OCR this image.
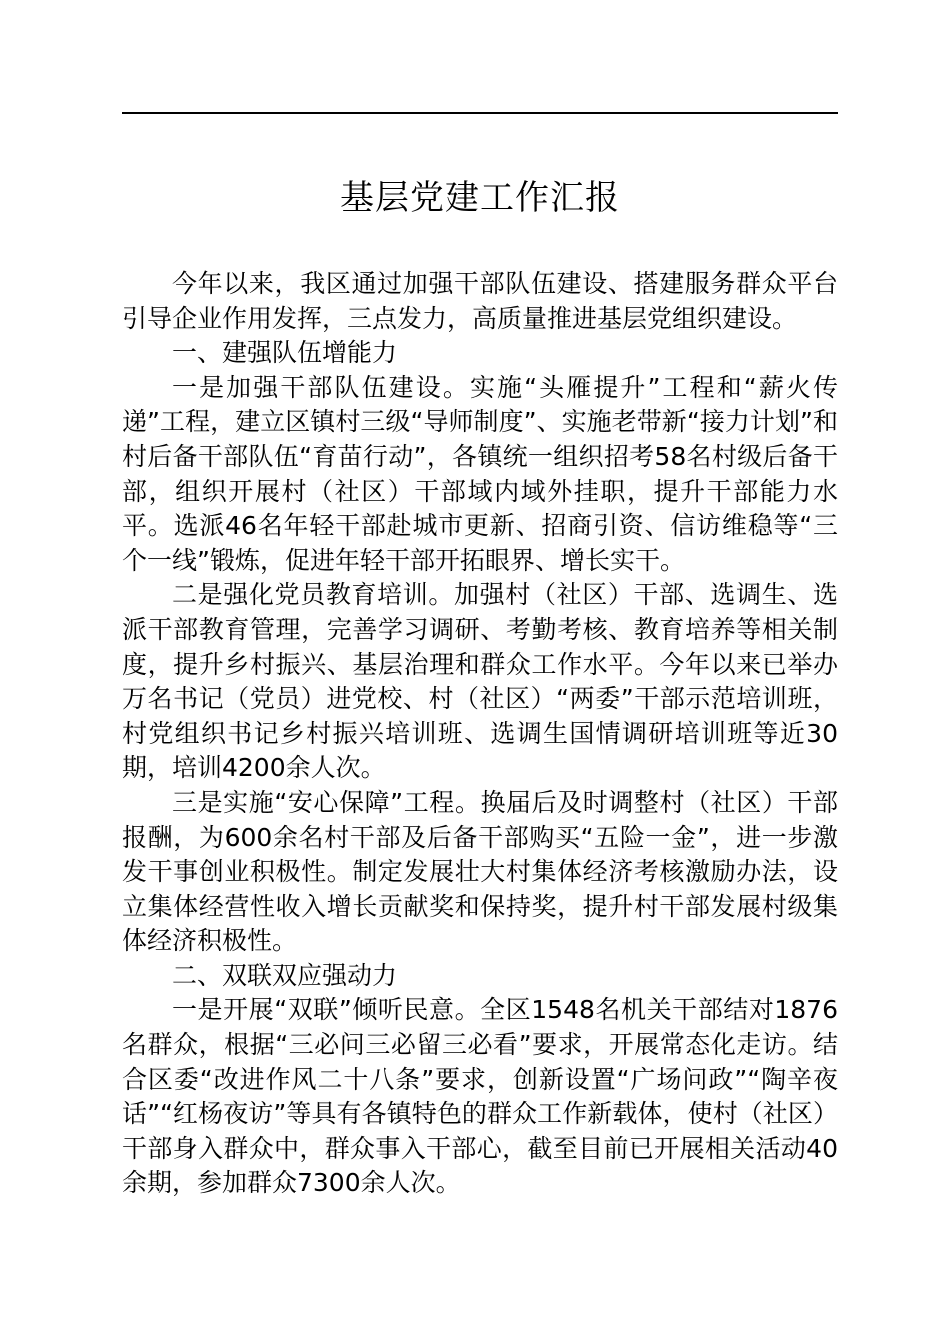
基层党建工作汇报

今年以来，我区通过加强干部队伍建设、搭建服务群众平台引导企业作用发挥，三点发力，高质量推进基层党组织建设。

一、建强队伍增能力

一是加强干部队伍建设。实施“头雁提升”工程和“薪火传递”工程，建立区镇村三级“导师制度”、实施老带新“接力计划”和村后备干部队伍“育苗行动”，各镇统一组织招考58名村级后备干部，组织开展村（社区）干部域内域外挂职，提升干部能力水平。选派46名年轻干部赴城市更新、招商引资、信访维稳等“三个一线”锻炼，促进年轻干部开拓眼界、增长实干。

二是强化党员教育培训。加强村（社区）干部、选调生、选派干部教育管理，完善学习调研、考勤考核、教育培养等相关制度，提升乡村振兴、基层治理和群众工作水平。今年以来已举办万名书记（党员）进党校、村（社区）“两委”干部示范培训班，村党组织书记乡村振兴培训班、选调生国情调研培训班等近30期，培训4200余人次。

三是实施“安心保障”工程。换届后及时调整村（社区）干部报酬，为600余名村干部及后备干部购买“五险一金”，进一步激发干事创业积极性。制定发展壮大村集体经济考核激励办法，设立集体经营性收入增长贡献奖和保持奖，提升村干部发展村级集体经济积极性。

二、双联双应强动力

一是开展“双联”倾听民意。全区1548名机关干部结对1876名群众，根据“三必问三必留三必看”要求，开展常态化走访。结合区委“改进作风二十八条”要求，创新设置“广场问政”“陶辛夜话”“红杨夜访”等具有各镇特色的群众工作新载体，使村（社区）干部身入群众中，群众事入干部心，截至目前已开展相关活动40余期，参加群众7300余人次。
